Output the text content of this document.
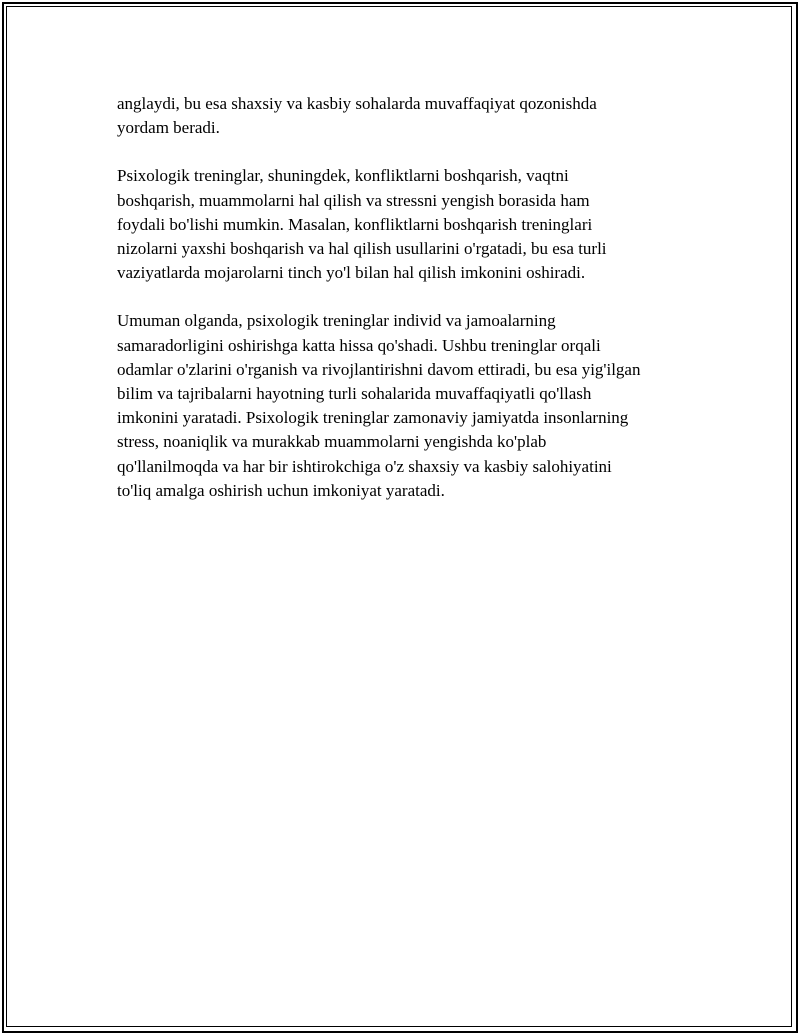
anglaydi, bu esa shaxsiy va kasbiy sohalarda muvaffaqiyat qozonishda
yordam beradi.

Psixologik treninglar, shuningdek, konfliktlarni boshqarish, vaqtni
boshqarish, muammolarni hal qilish va stressni yengish borasida ham
foydali bo'lishi mumkin. Masalan, konfliktlarni boshqarish treninglari
nizolarni yaxshi boshqarish va hal qilish usullarini o'rgatadi, bu esa turli
vaziyatlarda mojarolarni tinch yo'l bilan hal qilish imkonini oshiradi.

Umuman olganda, psixologik treninglar individ va jamoalarning
samaradorligini oshirishga katta hissa qo'shadi. Ushbu treninglar orqali
odamlar o'zlarini o'rganish va rivojlantirishni davom ettiradi, bu esa yig'ilgan
bilim va tajribalarni hayotning turli sohalarida muvaffaqiyatli qo'llash
imkonini yaratadi. Psixologik treninglar zamonaviy jamiyatda insonlarning
stress, noaniqlik va murakkab muammolarni yengishda ko'plab
qo'llanilmoqda va har bir ishtirokchiga o'z shaxsiy va kasbiy salohiyatini
to'liq amalga oshirish uchun imkoniyat yaratadi.
